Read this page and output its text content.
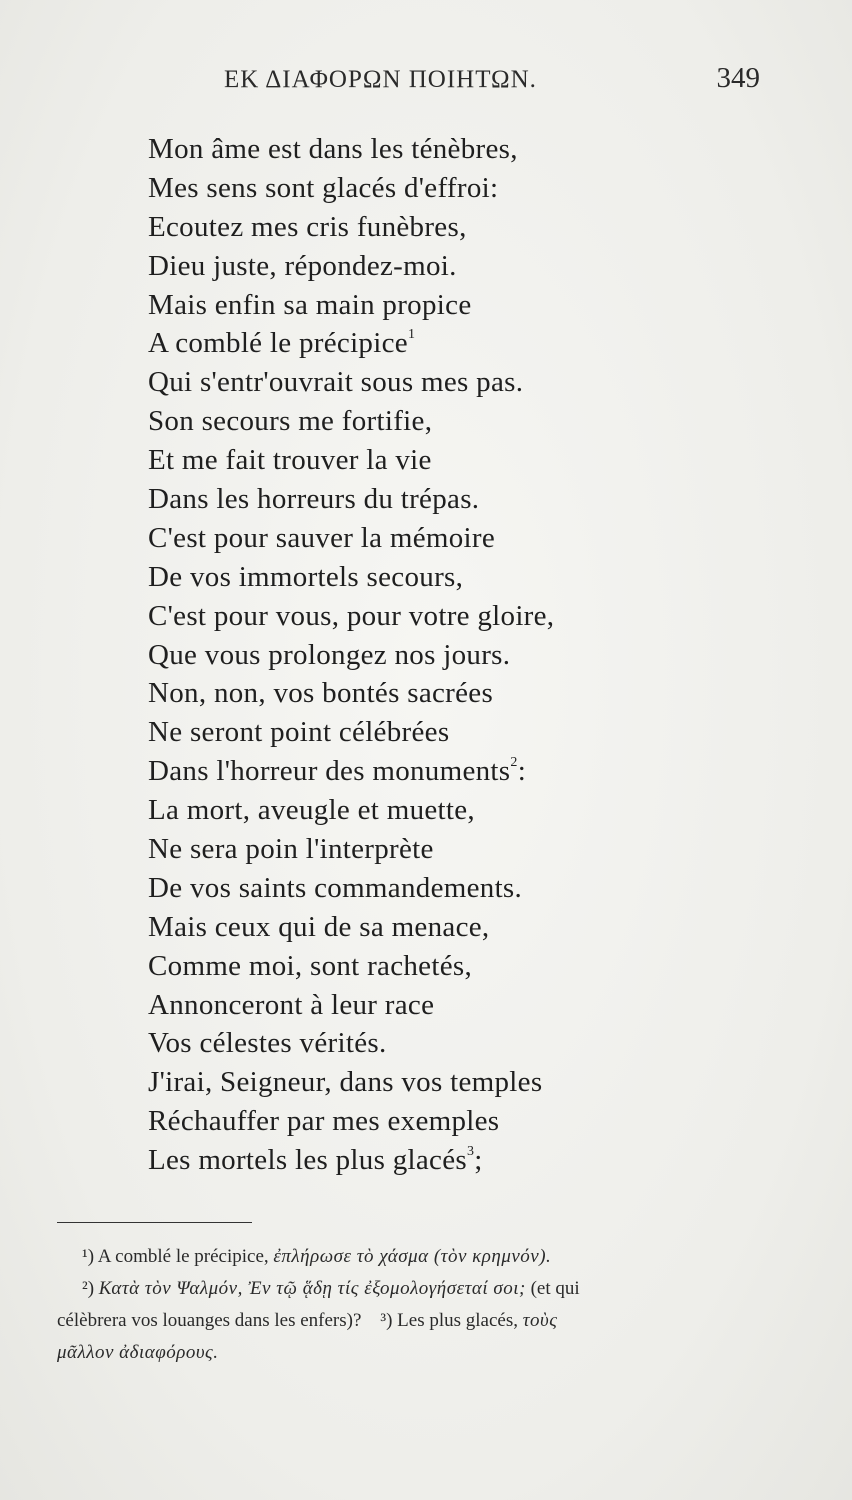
ΕΚ ΔΙΑΦΟΡΩΝ ΠΟΙΗΤΩΝ.	349
Mon âme est dans les ténèbres,
Mes sens sont glacés d'effroi:
Ecoutez mes cris funèbres,
Dieu juste, répondez-moi.
Mais enfin sa main propice
A comblé le précipice$^1$
Qui s'entr'ouvrait sous mes pas.
Son secours me fortifie,
Et me fait trouver la vie
Dans les horreurs du trépas.
C'est pour sauver la mémoire
De vos immortels secours,
C'est pour vous, pour votre gloire,
Que vous prolongez nos jours.
Non, non, vos bontés sacrées
Ne seront point célébrées
Dans l'horreur des monuments$^2$:
La mort, aveugle et muette,
Ne sera poin l'interprète
De vos saints commandements.
Mais ceux qui de sa menace,
Comme moi, sont rachetés,
Annonceront à leur race
Vos célestes vérités.
J'irai, Seigneur, dans vos temples
Réchauffer par mes exemples
Les mortels les plus glacés$^3$;
¹) A comblé le précipice, ἐπλήρωσε τὸ χάσμα (τὸν κρημνόν).
²) Κατὰ τὸν Ψαλμόν, Ἐν τῷ ᾅδῃ τίς ἐξομολογήσεταί σοι; (et qui
célèbrera vos louanges dans les enfers)? ³) Les plus glacés, τοὺς
μᾶλλον ἀδιαφόρους.
